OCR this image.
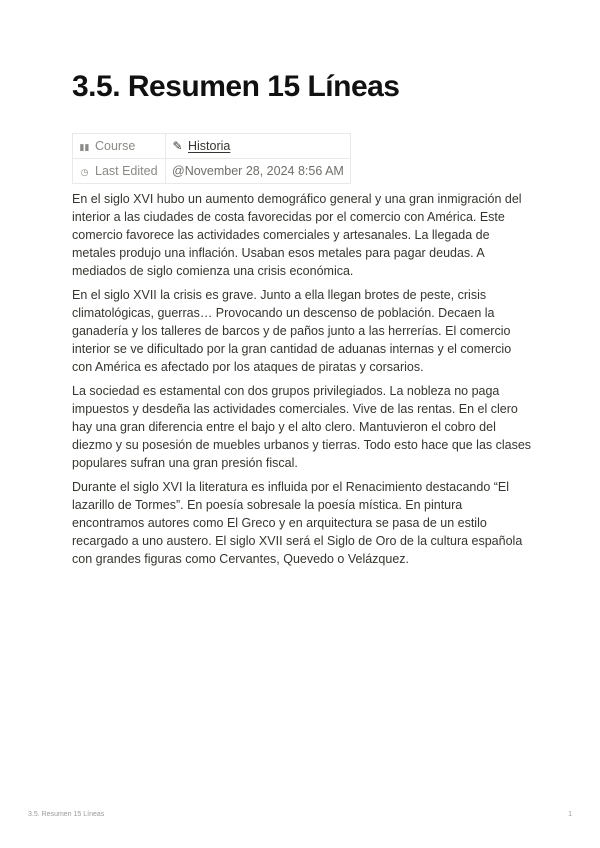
3.5. Resumen 15 Líneas
▮▮ Course	✎ Historia
◷ Last Edited	@November 28, 2024 8:56 AM

En el siglo XVI hubo un aumento demográfico general y una gran inmigración del interior a las ciudades de costa favorecidas por el comercio con América. Este comercio favorece las actividades comerciales y artesanales. La llegada de metales produjo una inflación. Usaban esos metales para pagar deudas. A mediados de siglo comienza una crisis económica.

En el siglo XVII la crisis es grave. Junto a ella llegan brotes de peste, crisis climatológicas, guerras… Provocando un descenso de población. Decaen la ganadería y los talleres de barcos y de paños junto a las herrerías. El comercio interior se ve dificultado por la gran cantidad de aduanas internas y el comercio con América es afectado por los ataques de piratas y corsarios.

La sociedad es estamental con dos grupos privilegiados. La nobleza no paga impuestos y desdeña las actividades comerciales. Vive de las rentas. En el clero hay una gran diferencia entre el bajo y el alto clero. Mantuvieron el cobro del diezmo y su posesión de muebles urbanos y tierras. Todo esto hace que las clases populares sufran una gran presión fiscal.

Durante el siglo XVI la literatura es influida por el Renacimiento destacando “El lazarillo de Tormes”. En poesía sobresale la poesía mística. En pintura encontramos autores como El Greco y en arquitectura se pasa de un estilo recargado a uno austero. El siglo XVII será el Siglo de Oro de la cultura española con grandes figuras como Cervantes, Quevedo o Velázquez.

3.5. Resumen 15 Líneas	1
